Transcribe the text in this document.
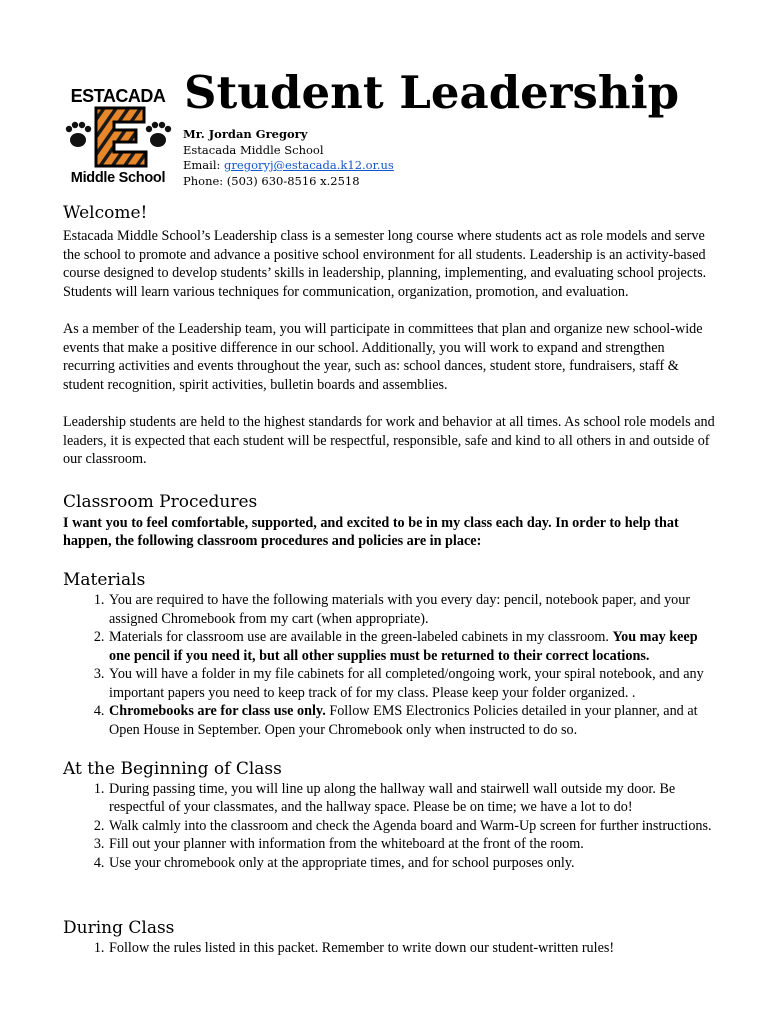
ESTACADA
Middle School
Student Leadership
Mr. Jordan Gregory
Estacada Middle School
Email: gregoryj@estacada.k12.or.us
Phone: (503) 630-8516 x.2518
Welcome!

Estacada Middle School’s Leadership class is a semester long course where students act as role models and serve
the school to promote and advance a positive school environment for all students. Leadership is an activity-based
course designed to develop students’ skills in leadership, planning, implementing, and evaluating school projects.
Students will learn various techniques for communication, organization, promotion, and evaluation.

As a member of the Leadership team, you will participate in committees that plan and organize new school-wide
events that make a positive difference in our school. Additionally, you will work to expand and strengthen
recurring activities and events throughout the year, such as: school dances, student store, fundraisers, staff &
student recognition, spirit activities, bulletin boards and assemblies.

Leadership students are held to the highest standards for work and behavior at all times. As school role models and
leaders, it is expected that each student will be respectful, responsible, safe and kind to all others in and outside of
our classroom.

Classroom Procedures

I want you to feel comfortable, supported, and excited to be in my class each day. In order to help that
happen, the following classroom procedures and policies are in place:

Materials
1. You are required to have the following materials with you every day: pencil, notebook paper, and your
assigned Chromebook from my cart (when appropriate).
2. Materials for classroom use are available in the green-labeled cabinets in my classroom. You may keep
one pencil if you need it, but all other supplies must be returned to their correct locations.
3. You will have a folder in my file cabinets for all completed/ongoing work, your spiral notebook, and any
important papers you need to keep track of for my class. Please keep your folder organized. .
4. Chromebooks are for class use only. Follow EMS Electronics Policies detailed in your planner, and at
Open House in September. Open your Chromebook only when instructed to do so.
At the Beginning of Class
1. During passing time, you will line up along the hallway wall and stairwell wall outside my door. Be
respectful of your classmates, and the hallway space. Please be on time; we have a lot to do!
2. Walk calmly into the classroom and check the Agenda board and Warm-Up screen for further instructions.
3. Fill out your planner with information from the whiteboard at the front of the room.
4. Use your chromebook only at the appropriate times, and for school purposes only.
During Class
1. Follow the rules listed in this packet. Remember to write down our student-written rules!
